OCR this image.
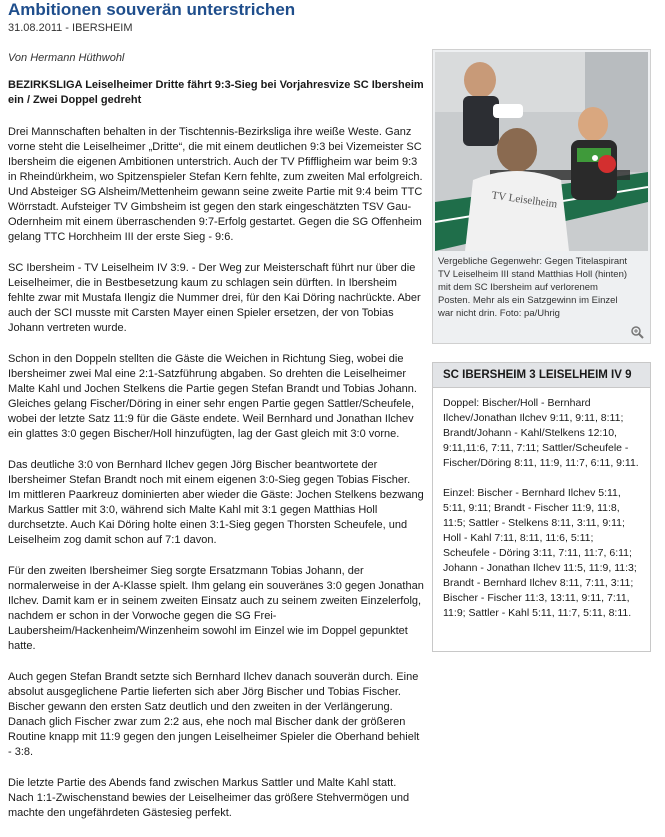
Ambitionen souverän unterstrichen
31.08.2011 - IBERSHEIM
Von Hermann Hüthwohl

BEZIRKSLIGA Leiselheimer Dritte fährt 9:3-Sieg bei Vorjahresvize SC Ibersheim ein / Zwei Doppel gedreht

Drei Mannschaften behalten in der Tischtennis-Bezirksliga ihre weiße Weste. Ganz vorne steht die Leiselheimer „Dritte“, die mit einem deutlichen 9:3 bei Vizemeister SC Ibersheim die eigenen Ambitionen unterstrich. Auch der TV Pfiffligheim war beim 9:3 in Rheindürkheim, wo Spitzenspieler Stefan Kern fehlte, zum zweiten Mal erfolgreich. Und Absteiger SG Alsheim/Mettenheim gewann seine zweite Partie mit 9:4 beim TTC Wörrstadt. Aufsteiger TV Gimbsheim ist gegen den stark eingeschätzten TSV Gau-Odernheim mit einem überraschenden 9:7-Erfolg gestartet. Gegen die SG Offenheim gelang TTC Horchheim III der erste Sieg - 9:6.

SC Ibersheim - TV Leiselheim IV 3:9. - Der Weg zur Meisterschaft führt nur über die Leiselheimer, die in Bestbesetzung kaum zu schlagen sein dürften. In Ibersheim fehlte zwar mit Mustafa Ilengiz die Nummer drei, für den Kai Döring nachrückte. Aber auch der SCI musste mit Carsten Mayer einen Spieler ersetzen, der von Tobias Johann vertreten wurde.

Schon in den Doppeln stellten die Gäste die Weichen in Richtung Sieg, wobei die Ibersheimer zwei Mal eine 2:1-Satzführung abgaben. So drehten die Leiselheimer Malte Kahl und Jochen Stelkens die Partie gegen Stefan Brandt und Tobias Johann. Gleiches gelang Fischer/Döring in einer sehr engen Partie gegen Sattler/Scheufele, wobei der letzte Satz 11:9 für die Gäste endete. Weil Bernhard und Jonathan Ilchev ein glattes 3:0 gegen Bischer/Holl hinzufügten, lag der Gast gleich mit 3:0 vorne.

Das deutliche 3:0 von Bernhard Ilchev gegen Jörg Bischer beantwortete der Ibersheimer Stefan Brandt noch mit einem eigenen 3:0-Sieg gegen Tobias Fischer. Im mittleren Paarkreuz dominierten aber wieder die Gäste: Jochen Stelkens bezwang Markus Sattler mit 3:0, während sich Malte Kahl mit 3:1 gegen Matthias Holl durchsetzte. Auch Kai Döring holte einen 3:1-Sieg gegen Thorsten Scheufele, und Leiselheim zog damit schon auf 7:1 davon.

Für den zweiten Ibersheimer Sieg sorgte Ersatzmann Tobias Johann, der normalerweise in der A-Klasse spielt. Ihm gelang ein souveränes 3:0 gegen Jonathan Ilchev. Damit kam er in seinem zweiten Einsatz auch zu seinem zweiten Einzelerfolg, nachdem er schon in der Vorwoche gegen die SG Frei-Laubersheim/Hackenheim/Winzenheim sowohl im Einzel wie im Doppel gepunktet hatte.

Auch gegen Stefan Brandt setzte sich Bernhard Ilchev danach souverän durch. Eine absolut ausgeglichene Partie lieferten sich aber Jörg Bischer und Tobias Fischer. Bischer gewann den ersten Satz deutlich und den zweiten in der Verlängerung. Danach glich Fischer zwar zum 2:2 aus, ehe noch mal Bischer dank der größeren Routine knapp mit 11:9 gegen den jungen Leiselheimer Spieler die Oberhand behielt - 3:8.

Die letzte Partie des Abends fand zwischen Markus Sattler und Malte Kahl statt. Nach 1:1-Zwischenstand bewies der Leiselheimer das größere Stehvermögen und machte den ungefährdeten Gästesieg perfekt.

TV Leiselheim
Vergebliche Gegenwehr: Gegen Titelaspirant TV Leiselheim III stand Matthias Holl (hinten) mit dem SC Ibersheim auf verlorenem Posten. Mehr als ein Satzgewinn im Einzel war nicht drin. Foto: pa/Uhrig
SC IBERSHEIM 3 LEISELHEIM IV 9

Doppel: Bischer/Holl - Bernhard Ilchev/Jonathan Ilchev 9:11, 9:11, 8:11; Brandt/Johann - Kahl/Stelkens 12:10, 9:11,11:6, 7:11, 7:11; Sattler/Scheufele - Fischer/Döring 8:11, 11:9, 11:7, 6:11, 9:11.

Einzel: Bischer - Bernhard Ilchev 5:11, 5:11, 9:11; Brandt - Fischer 11:9, 11:8, 11:5; Sattler - Stelkens 8:11, 3:11, 9:11; Holl - Kahl 7:11, 8:11, 11:6, 5:11; Scheufele - Döring 3:11, 7:11, 11:7, 6:11; Johann - Jonathan Ilchev 11:5, 11:9, 11:3; Brandt - Bernhard Ilchev 8:11, 7:11, 3:11; Bischer - Fischer 11:3, 13:11, 9:11, 7:11, 11:9; Sattler - Kahl 5:11, 11:7, 5:11, 8:11.
